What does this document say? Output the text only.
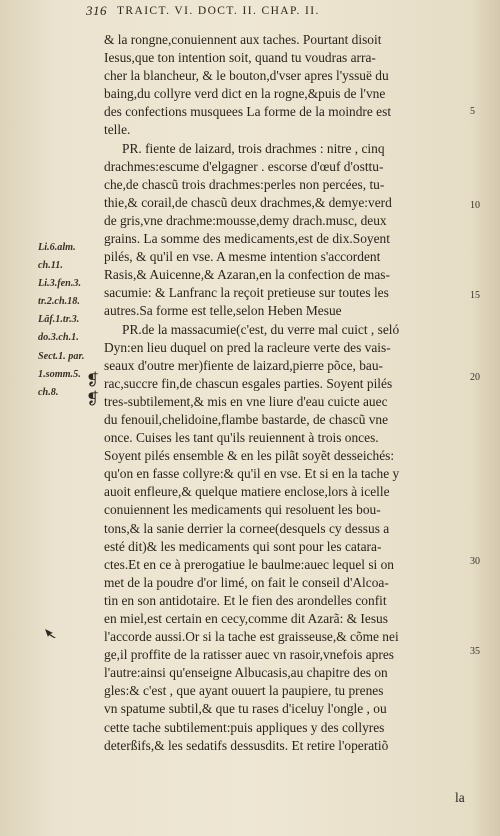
316 TRAICT. VI. DOCT. II. CHAP. II.
& la rongne,conuiennent aux taches. Pourtant disoit
Iesus,que ton intention soit, quand tu voudras arra-
cher la blancheur, & le bouton,d'vser apres l'yssuë du
baing,du collyre verd dict en la rogne,&puis de l'vne
des confections musquees La forme de la moindre est
telle.
PR. fiente de laizard, trois drachmes : nitre , cinq
drachmes:escume d'elgagner . escorse d'œuf d'osttu-
che,de chascũ trois drachmes:perles non percées, tu-
thie,& corail,de chascũ deux drachmes,& demye:verd
de gris,vne drachme:mousse,demy drach.musc, deux
grains. La somme des medicaments,est de dix.Soyent
pilés, & qu'il en vse. A mesme intention s'accordent
Rasis,& Auicenne,& Azaran,en la confection de mas-
sacumie: & Lanfranc la reçoit pretieuse sur toutes les
autres.Sa forme est telle,selon Heben Mesue
PR.de la massacumie(c'est, du verre mal cuict , seló
Dyn:en lieu duquel on pred la racleure verte des vais-
seaux d'outre mer)fiente de laizard,pierre põce, bau-
rac,succre fin,de chascun esgales parties. Soyent pilés
tres-subtilement,& mis en vne liure d'eau cuicte auec
du fenouil,chelidoine,flambe bastarde, de chascũ vne
once. Cuises les tant qu'ils reuiennent à trois onces.
Soyent pilés ensemble & en les pilãt soyẽt desseichés:
qu'on en fasse collyre:& qu'il en vse. Et si en la tache y
auoit enfleure,& quelque matiere enclose,lors à icelle
conuiennent les medicaments qui resoluent les bou-
tons,& la sanie derrier la cornee(desquels cy dessus a
esté dit)& les medicaments qui sont pour les catara-
ctes.Et en ce à prerogatiue le baulme:auec lequel si on
met de la poudre d'or limé, on fait le conseil d'Alcoa-
tin en son antidotaire. Et le fien des arondelles confit
en miel,est certain en cecy,comme dit Azarã: & Iesus
l'accorde aussi.Or si la tache est graisseuse,& cõme nei
ge,il proffite de la ratisser auec vn rasoir,vnefois apres
l'autre:ainsi qu'enseigne Albucasis,au chapitre des on
gles:& c'est , que ayant ouuert la paupiere, tu prenes
vn spatume subtil,& que tu rases d'iceluy l'ongle , ou
cette tache subtilement:puis appliques y des collyres
deterßifs,& les sedatifs dessusdits. Et retire l'operatiõ
la
Li.6.alm.
ch.11.
Li.3.fen.3.
tr.2.ch.18.
Lāf.1.tr.3.
do.3.ch.1.
Sect.1. par.
1.somm.5.
ch.8.
❡
❡
10
15
20
30
35
5
